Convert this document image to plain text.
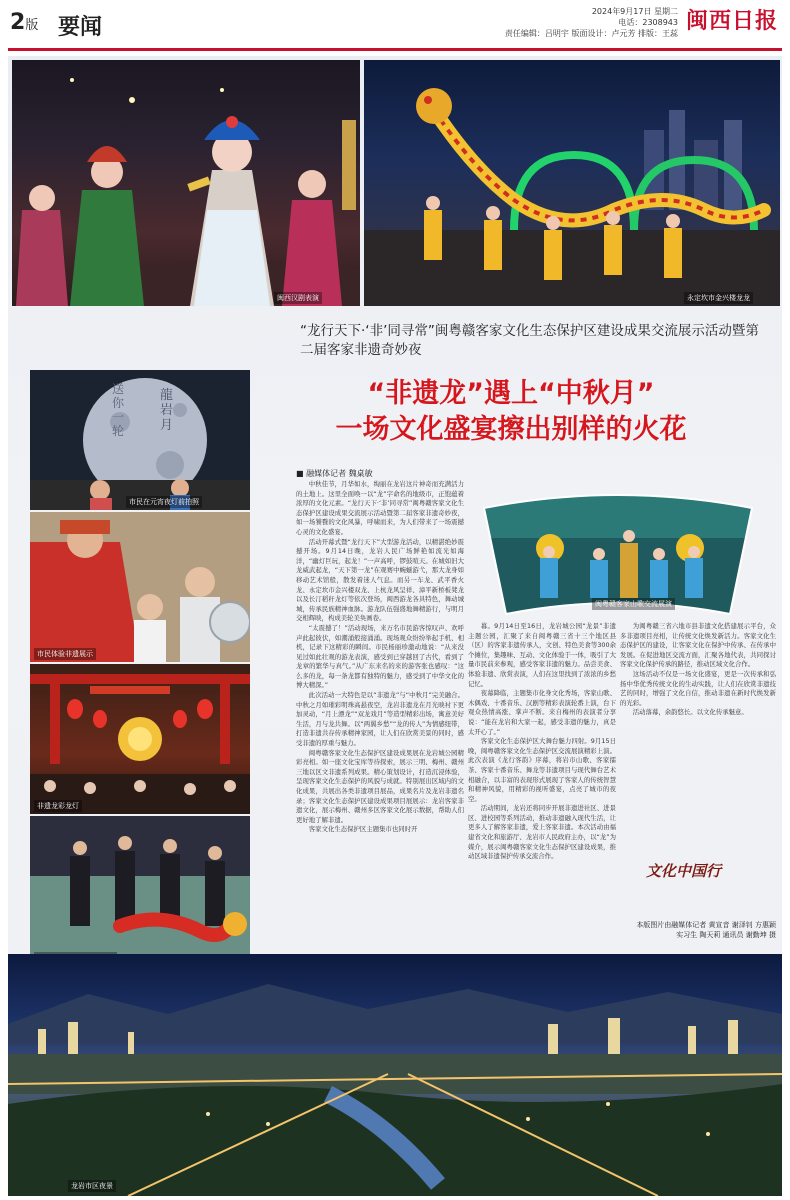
2版 要闻
2024年9月17日 星期二
电话：2308943
责任编辑：吕明宇 版面设计：卢元芳 排版：王蕊 闽西日报
闽西汉剧表演	永定坎市金兴楼龙龙
“龙行天下·‘非’同寻常”闽粤赣客家文化生态保护区建设成果交流展示活动暨第二届客家非遗奇妙夜
“非遗龙”遇上“中秋月”
一场文化盛宴擦出别样的火花
送你一轮
龍岩月
市民在元宵夜灯前拍照
市民体验非遗展示
非遗龙彩龙灯
闽粤赣客家山歌交流展演
■ 融媒体记者 魏桌敏

中秋佳节，月华如水，绚丽在龙岩这片神奇而充满活力的土地上。这里全面唤一以“龙”字命名的地级市，正饱蕴着浓厚的文化元素。“龙行天下·‘非’同寻常”闽粤赣客家文化生态保护区建设成果交流展示活动暨第二届客家非遗奇妙夜，如一场饕餮的文化风暴，呼啸而来，为人们带来了一场震撼心灵的文化盛宴。

活动开幕式暨“龙行天下”大型游龙活动，以精湛绝妙震撼开场。9月14日晚，龙岩人民广场鲜艳如流光如海洋，“幽灯巨玩，起龙！”一声高呼，锣鼓喧天。在城如旧大龙威武起龙，“天下第一龙”在观赛中蜿蜒游弋，那大龙身如移动艺术馆般，散发着迷人气息。而另一车龙、武平香火龙、永定坎市金兴楼双龙、上杭龙风呈祥、漳平新桥板凳龙以及长汀稻秆龙灯等依次登场，闽西游龙各具特色，舞动城城，传承民族精神血脉。游龙队伍强盛地舞精游行，与明月交相辉映，构成美轮美奂画卷。

“太震撼了！”活动现场，来万名市民游客惊叹声、欢呼声此起彼伏，如潮涌般接涌涌。现场观众纷纷举起手机、相机，记录下这精彩的瞬间。市民杨丽珍激动地说：“从来没见过如此壮观的游龙表演，感受到已穿越回了古代，看到了龙章的繁华与真气。”从广东来名的来的游客张也感叹：“这么多的龙，每一条龙都有独特的魅力，感受到了中华文化的博大精深。”

此次活动一大特色是以“非遗龙”与“中秋月”完美融合。中秋之月如璀彩明珠高悬夜空，龙岩非遗龙在月光映衬下更加灵动，“月上漂龙”“双龙戏月”等造型精彩出场，寓意美好生活，月与龙共舞。以“两翼乡愁”“龙的传人”为情感纽带，打造非遗共存传承精神家园，让人们在欣赏美景的同时，感受非遗的厚重与魅力。

闽粤赣客家文化生态保护区建设成果展在龙岩城公园精彩亮相。如一座文化宝库等待探索，展示三明、梅州、赣州三地以区文非遗系列成果。精心策划设计，打造沉浸体验，呈现客家文化生态保护的风貌与成就。特别展出区域内的文化成果，共展出各类非遗项目展品，成果名片及龙岩非遗名录；客家文化生态保护区建设成果项目展展示：龙岩客家非遗文化，展示梅州、赣州多区客家文化展示数据，帮助人们更好地了解非遗。

客家文化生态保护区主题集市也同时开

幕。9月14日至16日，龙岩城公园“龙景”非遗主题公园，汇聚了来自闽粤赣三省十三个地区县（区）的客家非遗传承人，文创、特色美食等300余个摊位，集趣味、互动、文化体验于一体，吸引了大量市民前来参观，感受客家非遗的魅力。品尝美食、体验非遗、欣赏表演，人们在这里找到了浓浓的乡愁记忆。

夜幕降临，主题集市化身文化秀场，客家山歌、木偶戏、十番音乐、汉剧等精彩表演轮番上演，台下观众热情高涨、掌声不断。来自梅州的表演者分享说：“能在龙岩和大家一起，感受非遗的魅力，真是太开心了。”

客家文化生态保护区大舞台魅力四射。9月15日晚，闽粤赣客家文化生态保护区交流展演精彩上演。此次表演《龙行客韵》序幕，将岩市山歌、客家擂茶、客家十番音乐、舞龙等非遗项目与现代舞台艺术相融合，以丰富的表现形式展现了客家人的传统智慧和精神风貌，用精彩的视听盛宴，点亮了城市的夜空。

活动期间，龙岩还将同步开展非遗进社区、进景区、进校园等系列活动，推动非遗融入现代生活，让更多人了解客家非遗，爱上客家非遗。本次活动由福建省文化和旅游厅、龙岩市人民政府主办，以“龙”为媒介，展示闽粤赣客家文化生态保护区建设成果，推动区域非遗保护传承交流合作。

为闽粤赣三省六地市县非遗文化搭建展示平台，众多非遗项目亮相，让传统文化焕发新活力。客家文化生态保护区的建设，让客家文化在保护中传承、在传承中发展。在促进地区交流方面，汇聚各地代表，共同探讨客家文化保护传承的路径，推动区域文化合作。

这场活动不仅是一场文化盛宴，更是一次传承和弘扬中华优秀传统文化的生动实践，让人们在欣赏非遗技艺的同时，增强了文化自信，推动非遗在新时代焕发新的光彩。

活动落幕，余韵悠长。以文化传承魅意。

文化中国行
本版图片由融媒体记者 黄宣音 谢泽钊 方惠颖
实习生 陶天莉 通讯员 谢勤坤 摄
龙岩市区夜景
